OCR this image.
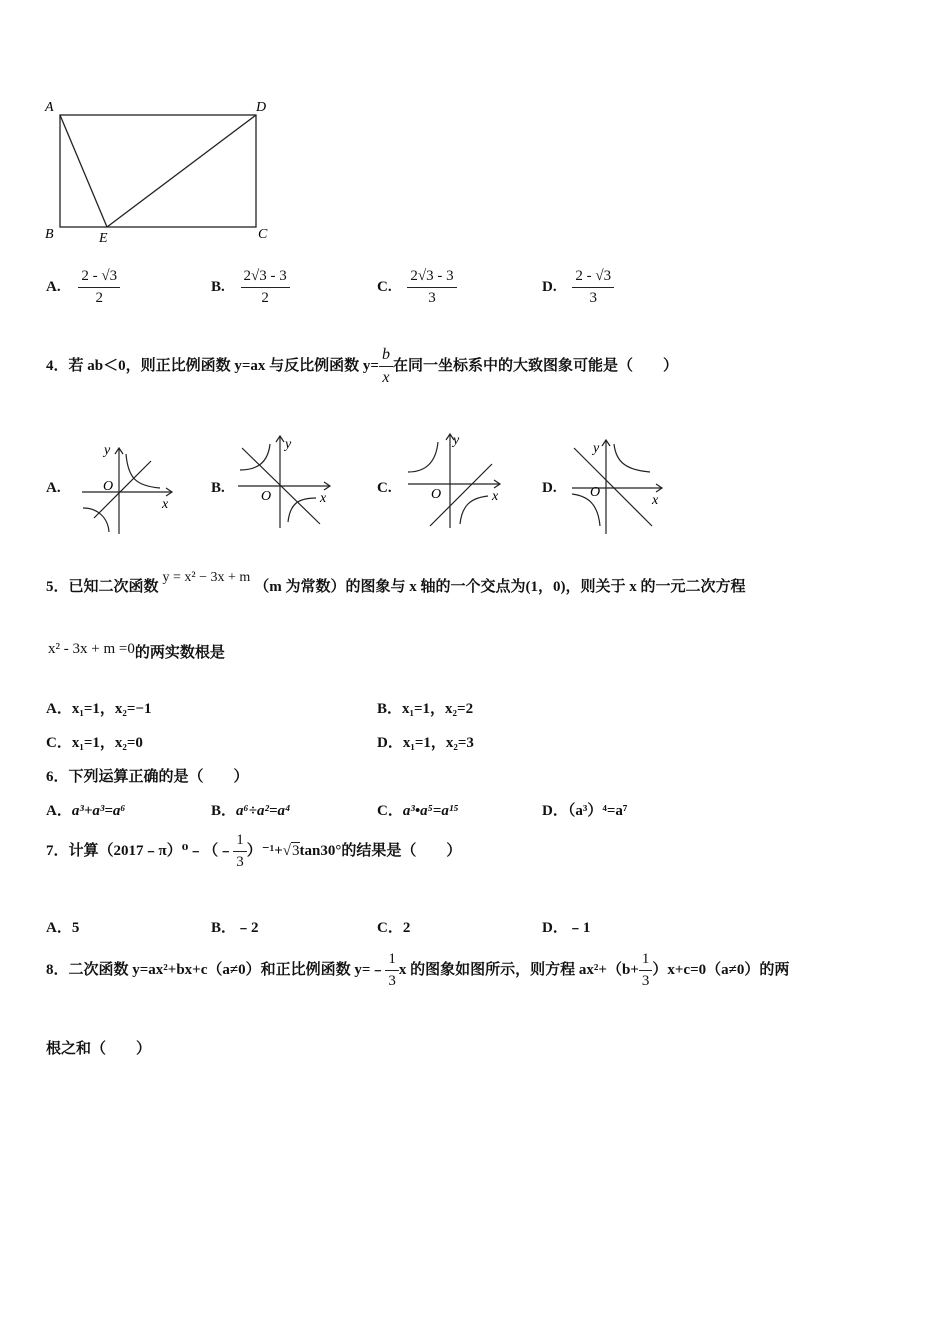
A	D
B	E	C
A. $\frac{2 - √3}{2}$	B. $\frac{2√3 - 3}{2}$	C. $\frac{2√3 - 3}{3}$	D. $\frac{2 - √3}{3}$
4．若 ab＜0，则正比例函数 y=ax 与反比例函数 $y= \frac{b}{x}$ 在同一坐标系中的大致图象可能是（　　）
A.
y
O
x
B.
y
O	x
C.
y
O	x
D.
y
O
x
5．已知二次函数y = x² − 3x + m（m 为常数）的图象与 x 轴的一个交点为(1，0)，则关于 x 的一元二次方程
x² - 3x + m =0的两实数根是
A．x₁=1，x₂=−1	B．x₁=1，x₂=2
C．x₁=1，x₂=0	D．x₁=1，x₂=3
6．下列运算正确的是（　　）
A．a³+a³=a⁶	B．a⁶÷a²=a⁴	C．a³•a⁵=a¹⁵	D．（a³）⁴=a⁷
7．计算（2017﹣π）⁰﹣（﹣ $\frac{1}{3} )^{-1}+√3\tan 30^\circ$的结果是（　　）
A．5	B．﹣2	C．2	D．﹣1
8．二次函数 y=ax²+bx+c（a≠0）和正比例函数 y=﹣ $\frac{1}{3}$ x 的图象如图所示，则方程 $ax^2+(b+ \frac{1}{3} )x+c=0(a\ne 0)$的两
根之和（　　）
